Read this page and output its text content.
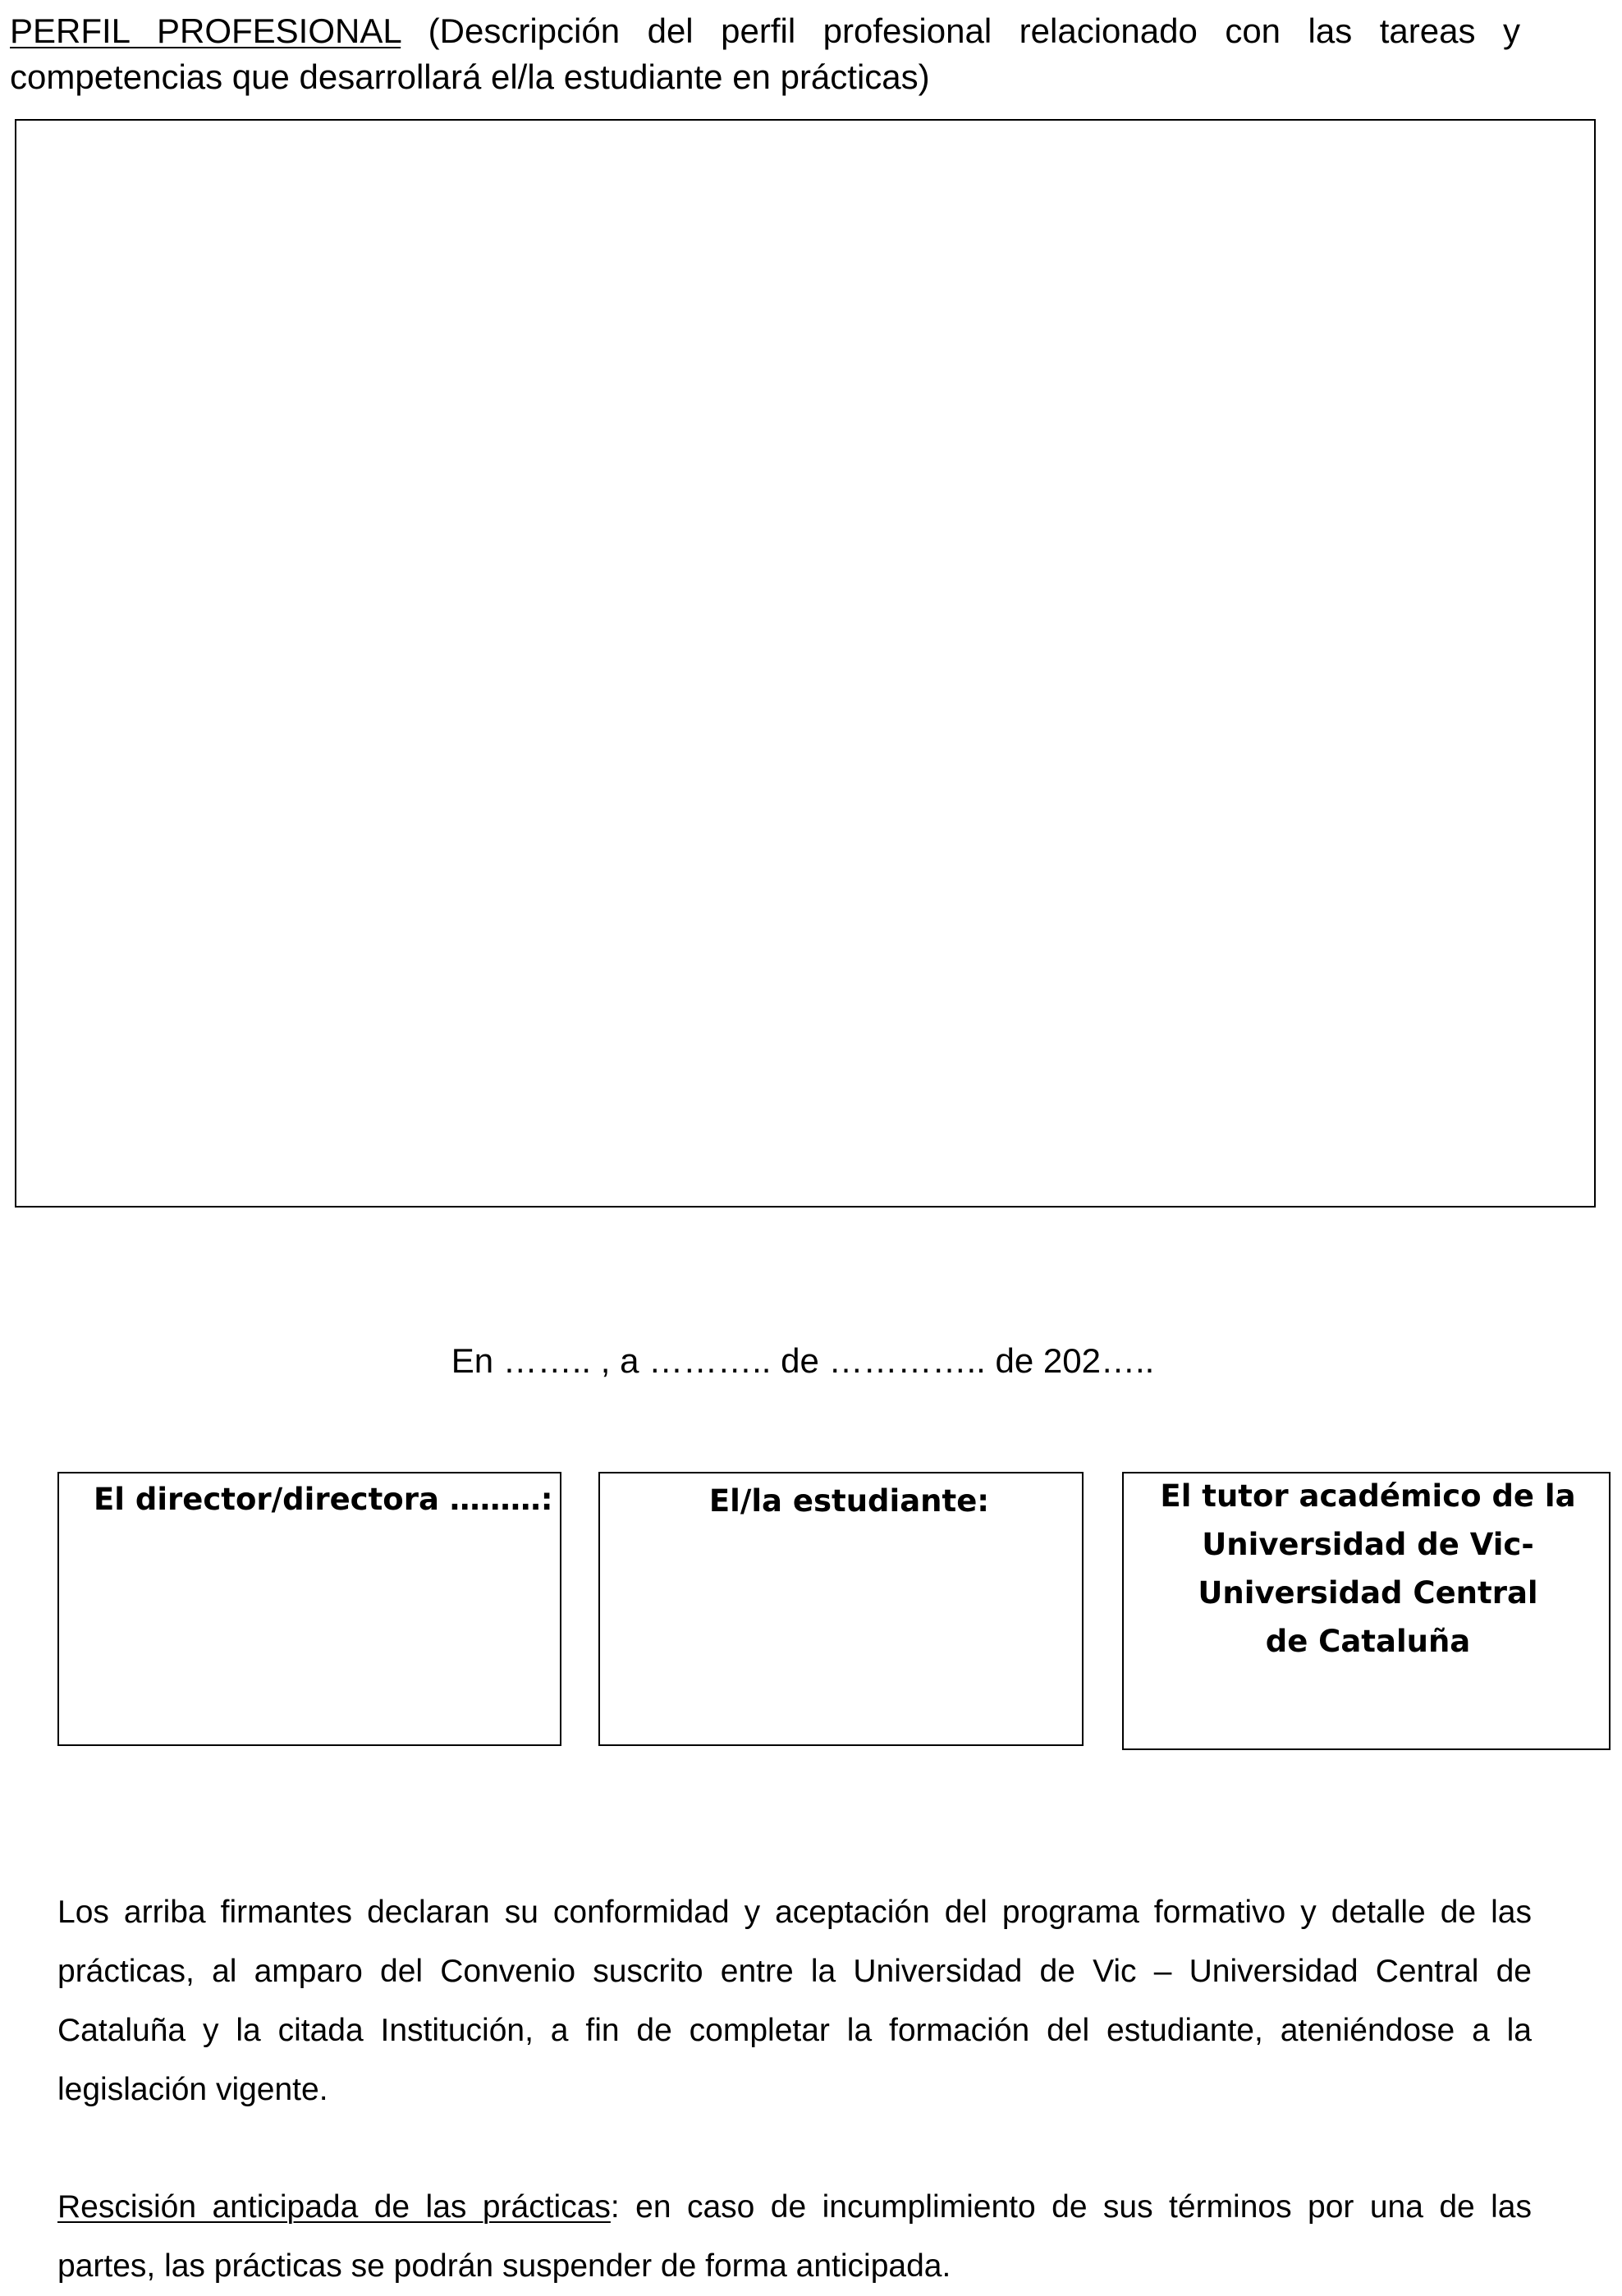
PERFIL PROFESIONAL (Descripción del perfil profesional relacionado con las tareas y competencias que desarrollará el/la estudiante en prácticas)

En …….. , a ……….. de ………….. de 202…..
El director/directora ………:	El/la estudiante:	El tutor académico de la
Universidad de Vic-
Universidad Central
de Cataluña

Los arriba firmantes declaran su conformidad y aceptación del programa formativo y detalle de las prácticas, al amparo del Convenio suscrito entre la Universidad de Vic – Universidad Central de Cataluña y la citada Institución, a fin de completar la formación del estudiante, ateniéndose a la legislación vigente.

Rescisión anticipada de las prácticas: en caso de incumplimiento de sus términos por una de las partes, las prácticas se podrán suspender de forma anticipada.
